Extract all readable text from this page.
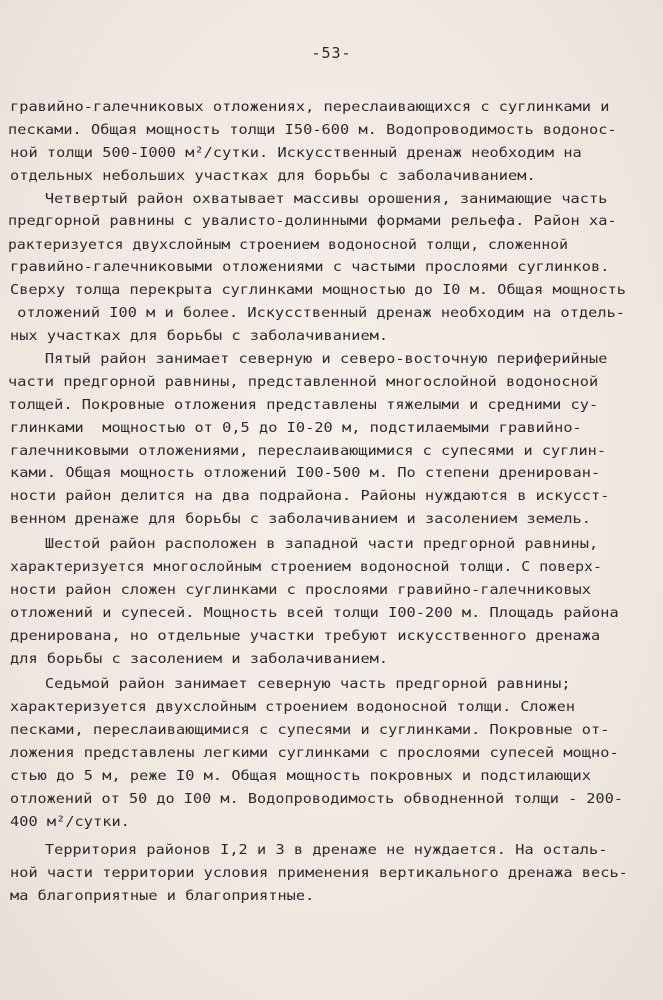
-53-
гравийно-галечниковых отложениях, переслаивающихся с суглинками и
песками. Общая мощность толщи I50-600 м. Водопроводимость водонос-
ной толщи 500-I000 м²/сутки. Искусственный дренаж необходим на
отдельных небольших участках для борьбы с заболачиванием.
Четвертый район охватывает массивы орошения, занимающие часть
предгорной равнины с увалисто-долинными формами рельефа. Район ха-
рактеризуется двухслойным строением водоносной толщи, сложенной
гравийно-галечниковыми отложениями с частыми прослоями суглинков.
Сверху толща перекрыта суглинками мощностью до I0 м. Общая мощность
отложений I00 м и более. Искусственный дренаж необходим на отдель-
ных участках для борьбы с заболачиванием.
Пятый район занимает северную и северо-восточную периферийные
части предгорной равнины, представленной многослойной водоносной
толщей. Покровные отложения представлены тяжелыми и средними су-
глинками  мощностью от 0,5 до I0-20 м, подстилаемыми гравийно-
галечниковыми отложениями, переслаивающимися с супесями и суглин-
ками. Общая мощность отложений I00-500 м. По степени дренирован-
ности район делится на два подрайона. Районы нуждаются в искусст-
венном дренаже для борьбы с заболачиванием и засолением земель.
Шестой район расположен в западной части предгорной равнины,
характеризуется многослойным строением водоносной толщи. С поверх-
ности район сложен суглинками с прослоями гравийно-галечниковых
отложений и супесей. Мощность всей толщи I00-200 м. Площадь района
дренирована, но отдельные участки требуют искусственного дренажа
для борьбы с засолением и заболачиванием.
Седьмой район занимает северную часть предгорной равнины;
характеризуется двухслойным строением водоносной толщи. Сложен
песками, переслаивающимися с супесями и суглинками. Покровные от-
ложения представлены легкими суглинками с прослоями супесей мощно-
стью до 5 м, реже I0 м. Общая мощность покровных и подстилающих
отложений от 50 до I00 м. Водопроводимость обводненной толщи - 200-
400 м²/сутки.
Территория районов I,2 и 3 в дренаже не нуждается. На осталь-
ной части территории условия применения вертикального дренажа весь-
ма благоприятные и благоприятные.
